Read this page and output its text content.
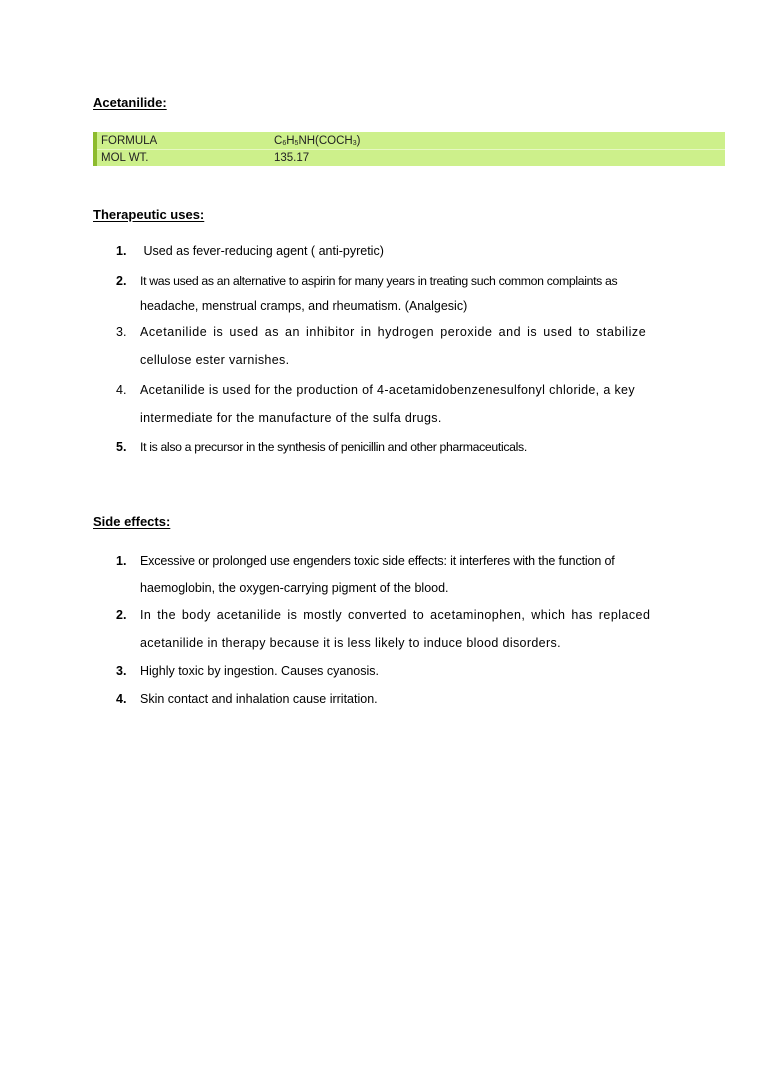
Acetanilide:
FORMULA	$C_6H_5NH(COCH_3)$
MOL WT.	135.17
Therapeutic uses:
1.	Used as fever-reducing agent ( anti-pyretic)
2.	It was used as an alternative to aspirin for many years in treating such common complaints as
headache, menstrual cramps, and rheumatism. (Analgesic)
3.	Acetanilide is used as an inhibitor in hydrogen peroxide and is used to stabilize
cellulose ester varnishes.
4.	Acetanilide is used for the production of 4-acetamidobenzenesulfonyl chloride, a key
intermediate for the manufacture of the sulfa drugs.
5.	It is also a precursor in the synthesis of penicillin and other pharmaceuticals.
Side effects:
1.	Excessive or prolonged use engenders toxic side effects: it interferes with the function of
haemoglobin, the oxygen-carrying pigment of the blood.
2.	In the body acetanilide is mostly converted to acetaminophen, which has replaced
acetanilide in therapy because it is less likely to induce blood disorders.
3.	Highly toxic by ingestion. Causes cyanosis.
4.	Skin contact and inhalation cause irritation.
